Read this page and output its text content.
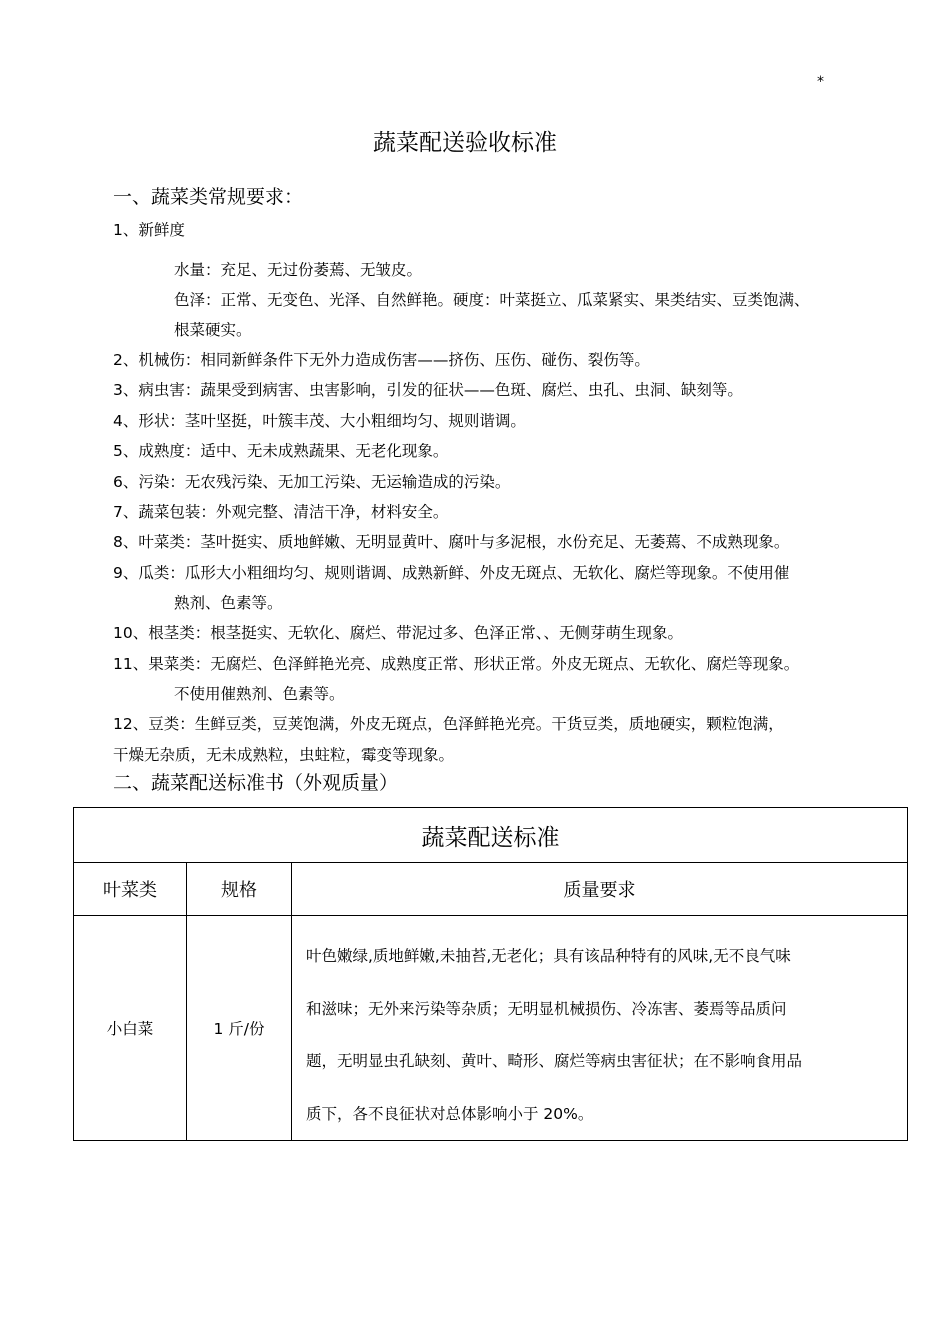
*
蔬菜配送验收标准
一、蔬菜类常规要求：
1、新鲜度
水量：充足、无过份萎蔫、无皱皮。
色泽：正常、无变色、光泽、自然鲜艳。硬度：叶菜挺立、瓜菜紧实、果类结实、豆类饱满、
根菜硬实。
2、机械伤：相同新鲜条件下无外力造成伤害——挤伤、压伤、碰伤、裂伤等。
3、病虫害：蔬果受到病害、虫害影响，引发的征状——色斑、腐烂、虫孔、虫洞、缺刻等。
4、形状：茎叶坚挺，叶簇丰茂、大小粗细均匀、规则谐调。
5、成熟度：适中、无未成熟蔬果、无老化现象。
6、污染：无农残污染、无加工污染、无运输造成的污染。
7、蔬菜包装：外观完整、清洁干净，材料安全。
8、叶菜类：茎叶挺实、质地鲜嫩、无明显黄叶、腐叶与多泥根，水份充足、无萎蔫、不成熟现象。
9、瓜类：瓜形大小粗细均匀、规则谐调、成熟新鲜、外皮无斑点、无软化、腐烂等现象。不使用催
熟剂、色素等。
10、根茎类：根茎挺实、无软化、腐烂、带泥过多、色泽正常、、无侧芽萌生现象。
11、果菜类：无腐烂、色泽鲜艳光亮、成熟度正常、形状正常。外皮无斑点、无软化、腐烂等现象。
不使用催熟剂、色素等。
12、豆类：生鲜豆类，豆荚饱满，外皮无斑点，色泽鲜艳光亮。干货豆类，质地硬实，颗粒饱满，
干燥无杂质，无未成熟粒，虫蛀粒，霉变等现象。
二、蔬菜配送标准书（外观质量）
蔬菜配送标准		
叶菜类	规格	质量要求
小白菜	1 斤/份	叶色嫩绿,质地鲜嫩,未抽苔,无老化；具有该品种特有的风味,无不良气味
和滋味；无外来污染等杂质；无明显机械损伤、冷冻害、萎焉等品质问
题，无明显虫孔缺刻、黄叶、畸形、腐烂等病虫害征状；在不影响食用品
质下，各不良征状对总体影响小于 20%。
